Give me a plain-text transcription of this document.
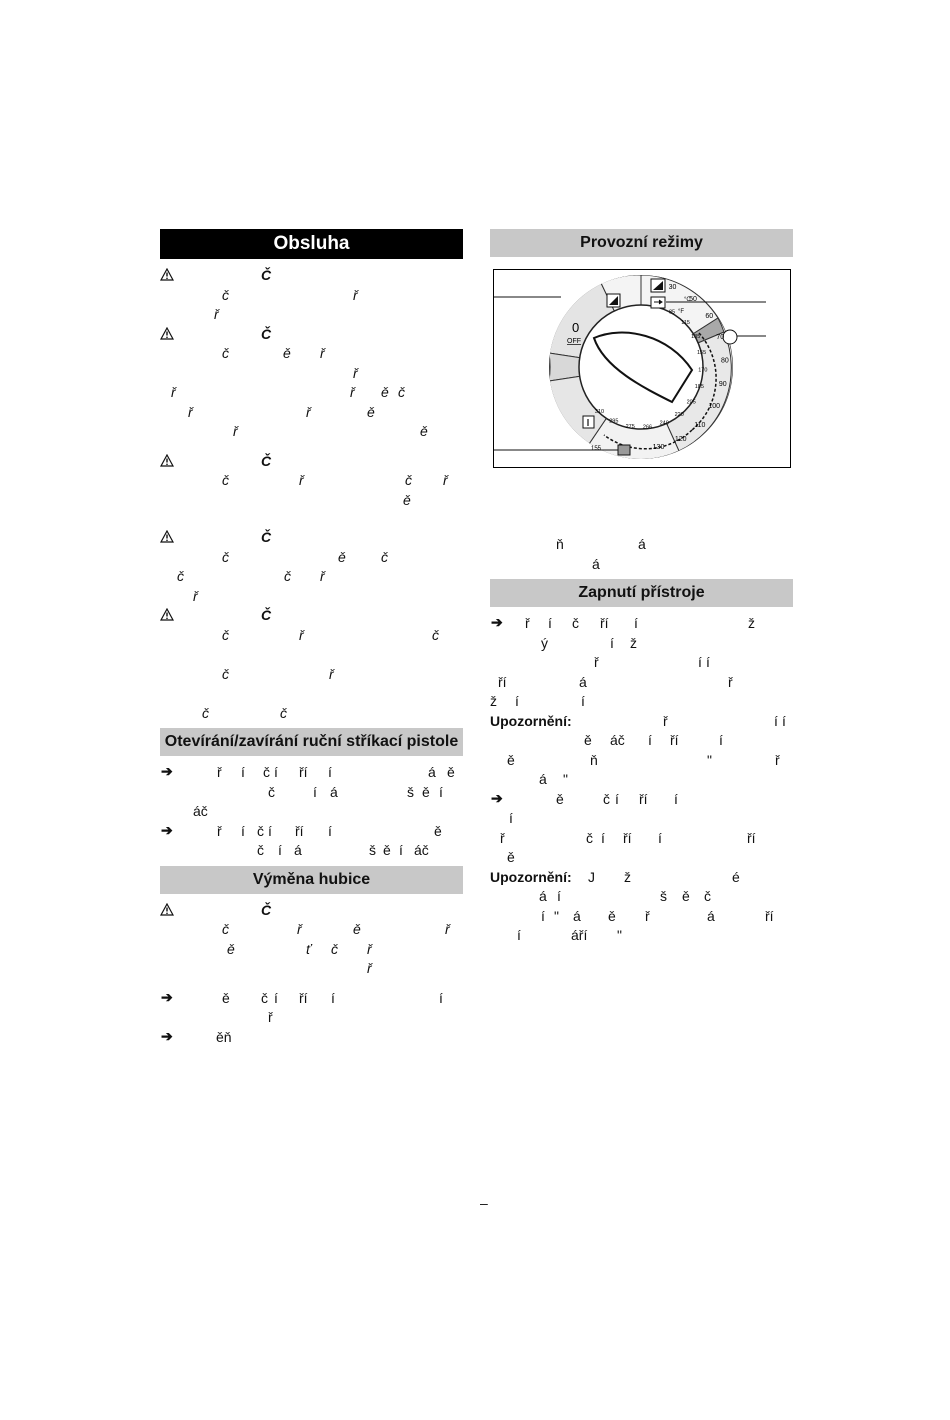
Obsluha
Č
č	ř
ř
Č
č	ě ř
ř
ř	ř ě č
ř	ř	ě
ř	ě
Č
č	ř	č ř
ě
Č
č	ě	č
č	č ř
ř
Č
č	ř	č
č	ř
č	č
Otevírání/zavírání ruční stříkací pistole
➔	ř í č í ří í	á ě
č	í á	š ě í
áč
➔	ř í č í ří í	ě
č í á	š ě í áč
Výměna hubice
Č
č	ř	ě	ř
ě	ť č ř
ř
➔	ě č í ří í	í
ř
➔	ěň
Provozní režimy
0
OFF
°C
°F
155
30
50
60
70
80
90
100
110
120
130
85
115
135
155
170
185
205
220
240
266
275
295
310
ň	á
á
Zapnutí přístroje
➔ ř í č ří í	ž
ý	í ž
ř	í í
ří	á	ř
ž í	í
Upozornění:	ř	í í
ě áč í ří	í
ě	ň	"	ř
á "
➔	ě	č í ří í
í
ř	č í ří í	ří
ě
Upozornění: J ž	é
á í	š ě č
í " á ě ř	á	ří
í	áří "
–
